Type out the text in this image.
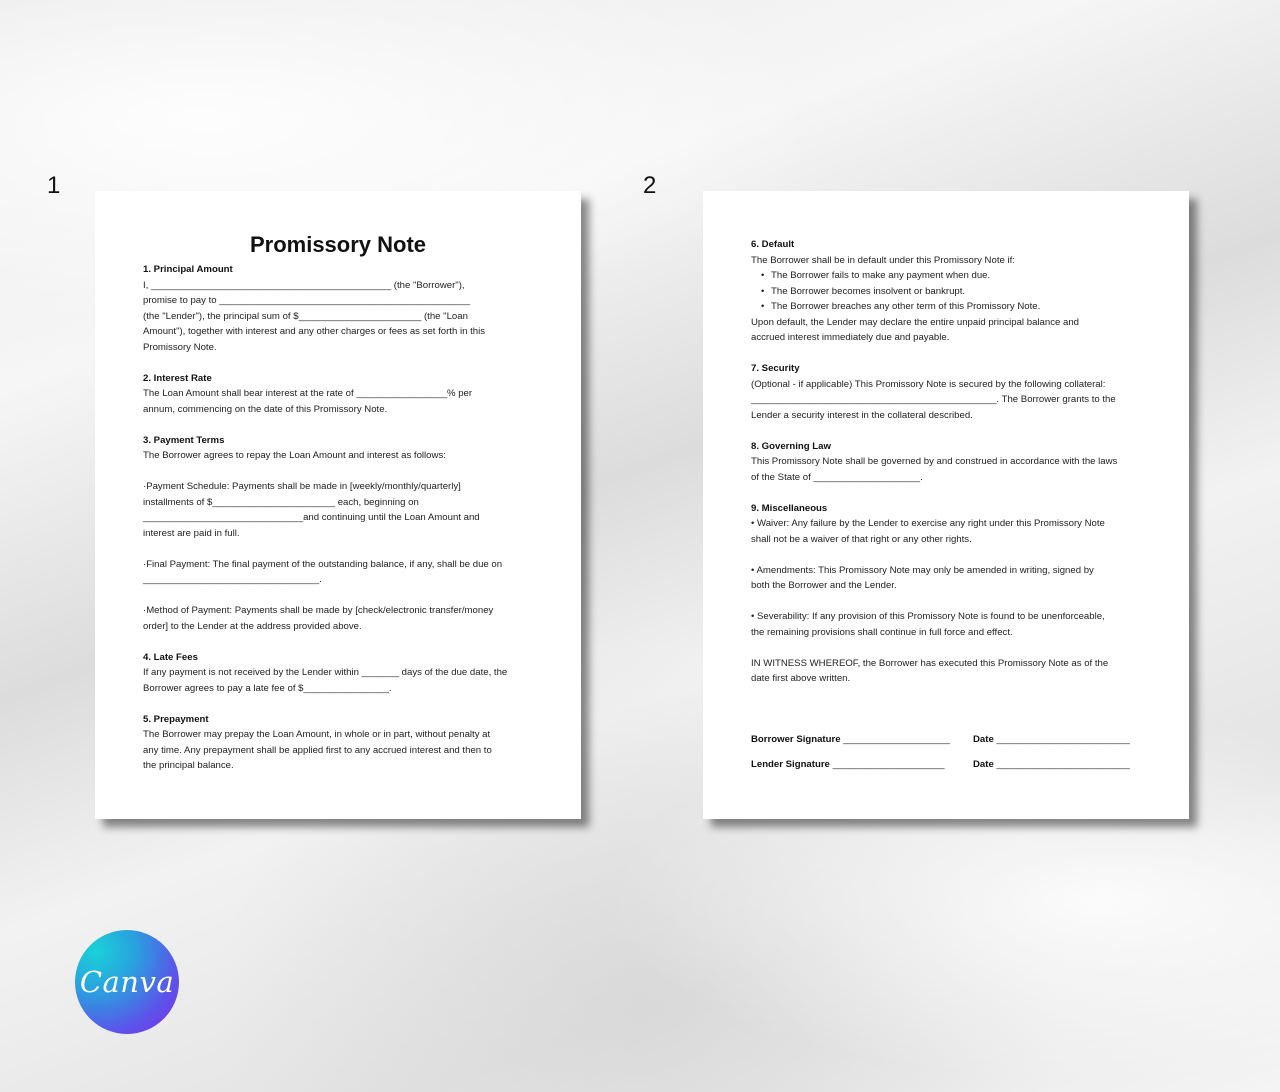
1	2
Promissory Note
1. Principal Amount

I, _____________________________________________ (the "Borrower"),

promise to pay to _______________________________________________

(the "Lender"), the principal sum of $_______________________ (the "Loan

Amount"), together with interest and any other charges or fees as set forth in this

Promissory Note.

2. Interest Rate

The Loan Amount shall bear interest at the rate of _________________% per

annum, commencing on the date of this Promissory Note.

3. Payment Terms

The Borrower agrees to repay the Loan Amount and interest as follows:

·Payment Schedule: Payments shall be made in [weekly/monthly/quarterly]

installments of $_______________________ each, beginning on

______________________________and continuing until the Loan Amount and

interest are paid in full.

·Final Payment: The final payment of the outstanding balance, if any, shall be due on

_________________________________.

·Method of Payment: Payments shall be made by [check/electronic transfer/money

order] to the Lender at the address provided above.

4. Late Fees

If any payment is not received by the Lender within _______ days of the due date, the

Borrower agrees to pay a late fee of $________________.

5. Prepayment

The Borrower may prepay the Loan Amount, in whole or in part, without penalty at

any time. Any prepayment shall be applied first to any accrued interest and then to

the principal balance.

6. Default

The Borrower shall be in default under this Promissory Note if:

• The Borrower fails to make any payment when due.

• The Borrower becomes insolvent or bankrupt.

• The Borrower breaches any other term of this Promissory Note.

Upon default, the Lender may declare the entire unpaid principal balance and

accrued interest immediately due and payable.

7. Security

(Optional - if applicable) This Promissory Note is secured by the following collateral:

______________________________________________. The Borrower grants to the

Lender a security interest in the collateral described.

8. Governing Law

This Promissory Note shall be governed by and construed in accordance with the laws

of the State of ____________________.

9. Miscellaneous

• Waiver: Any failure by the Lender to exercise any right under this Promissory Note

shall not be a waiver of that right or any other rights.

• Amendments: This Promissory Note may only be amended in writing, signed by

both the Borrower and the Lender.

• Severability: If any provision of this Promissory Note is found to be unenforceable,

the remaining provisions shall continue in full force and effect.

IN WITNESS WHEREOF, the Borrower has executed this Promissory Note as of the

date first above written.

Borrower Signature ____________________	Date _________________________
Lender Signature _____________________	Date _________________________
Canva
